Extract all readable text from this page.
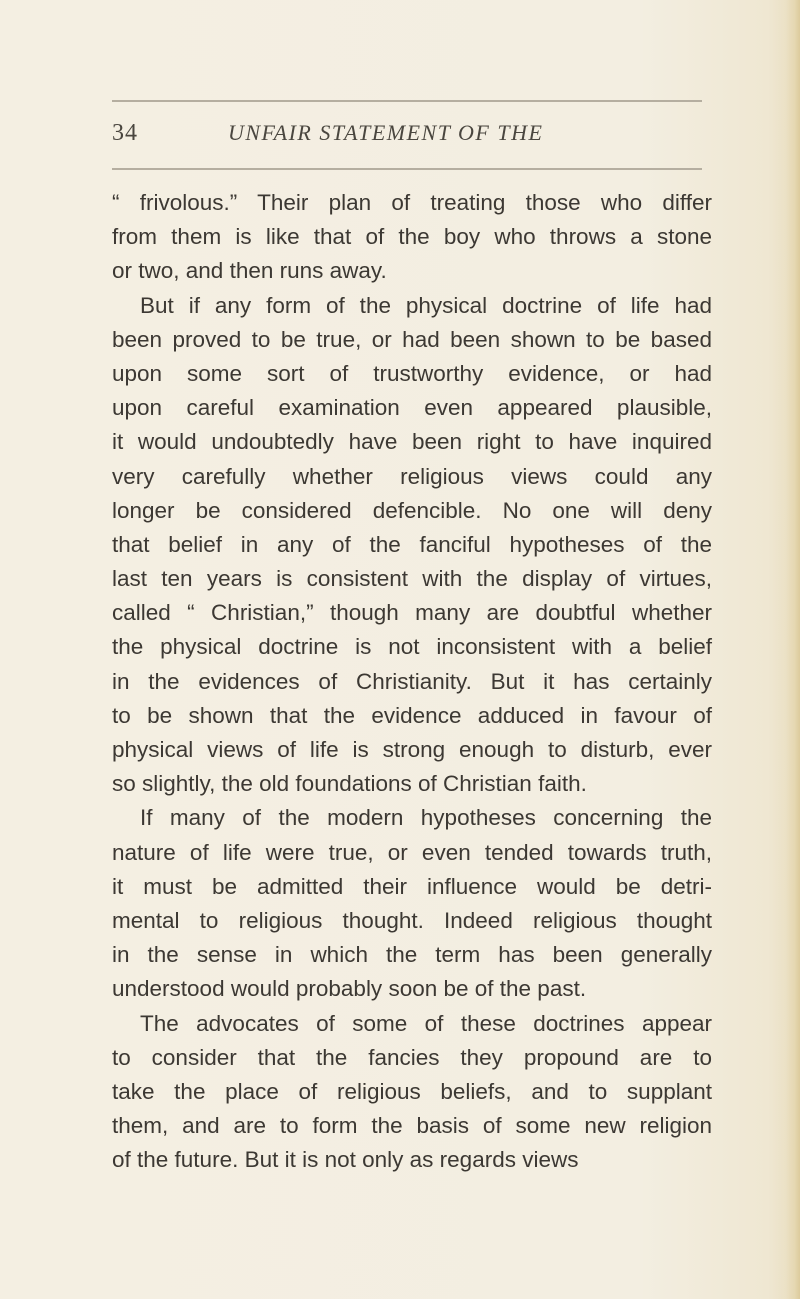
34	UNFAIR STATEMENT OF THE
“ frivolous.” Their plan of treating those who differ
from them is like that of the boy who throws a stone
or two, and then runs away.
But if any form of the physical doctrine of life had
been proved to be true, or had been shown to be based
upon some sort of trustworthy evidence, or had
upon careful examination even appeared plausible,
it would undoubtedly have been right to have inquired
very carefully whether religious views could any
longer be considered defencible. No one will deny
that belief in any of the fanciful hypotheses of the
last ten years is consistent with the display of virtues,
called “ Christian,” though many are doubtful whether
the physical doctrine is not inconsistent with a belief
in the evidences of Christianity. But it has certainly
to be shown that the evidence adduced in favour of
physical views of life is strong enough to disturb, ever
so slightly, the old foundations of Christian faith.
If many of the modern hypotheses concerning the
nature of life were true, or even tended towards truth,
it must be admitted their influence would be detri-
mental to religious thought. Indeed religious thought
in the sense in which the term has been generally
understood would probably soon be of the past.
The advocates of some of these doctrines appear
to consider that the fancies they propound are to
take the place of religious beliefs, and to supplant
them, and are to form the basis of some new religion
of the future. But it is not only as regards views
